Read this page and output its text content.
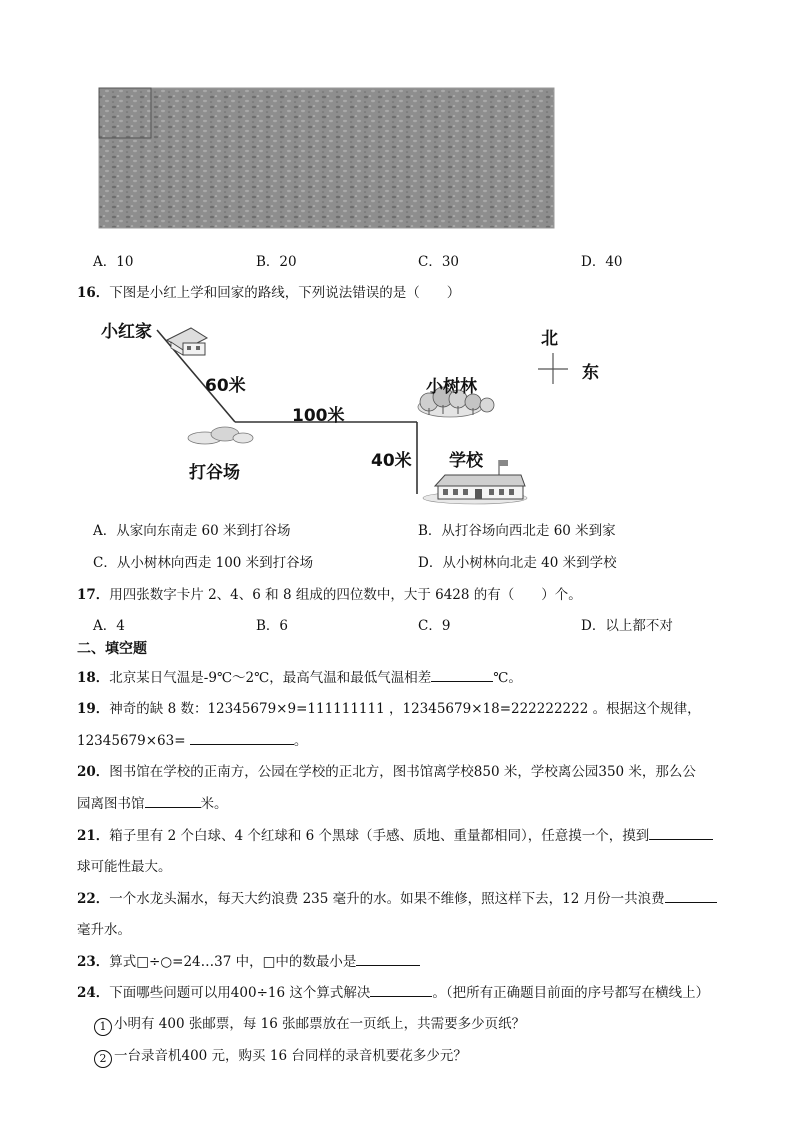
A．10	B．20	C．30	D．40
16．下图是小红上学和回家的路线，下列说法错误的是（　　）
小红家
60米
100米
40米
打谷场
小树林
学校
北
东
A．从家向东南走 60 米到打谷场	B．从打谷场向西北走 60 米到家
C．从小树林向西走 100 米到打谷场	D．从小树林向北走 40 米到学校
17．用四张数字卡片 2、4、6 和 8 组成的四位数中，大于 6428 的有（　　）个。
A．4	B．6	C．9	D．以上都不对
二、填空题
18．北京某日气温是-9℃～2℃，最高气温和最低气温相差	℃。
19．神奇的缺 8 数：12345679×9=111111111 ，12345679×18=222222222 。根据这个规律，
12345679×63=	。
20．图书馆在学校的正南方，公园在学校的正北方，图书馆离学校850 米，学校离公园350 米，那么公
园离图书馆	米。
21．箱子里有 2 个白球、4 个红球和 6 个黑球（手感、质地、重量都相同），任意摸一个，摸到
球可能性最大。
22．一个水龙头漏水，每天大约浪费 235 毫升的水。如果不维修，照这样下去，12 月份一共浪费
毫升水。
23．算式□÷○=24…37 中，□中的数最小是
24．下面哪些问题可以用400÷16 这个算式解决	。（把所有正确题目前面的序号都写在横线上）
1 小明有 400 张邮票，每 16 张邮票放在一页纸上，共需要多少页纸？
2 一台录音机400 元，购买 16 台同样的录音机要花多少元？
